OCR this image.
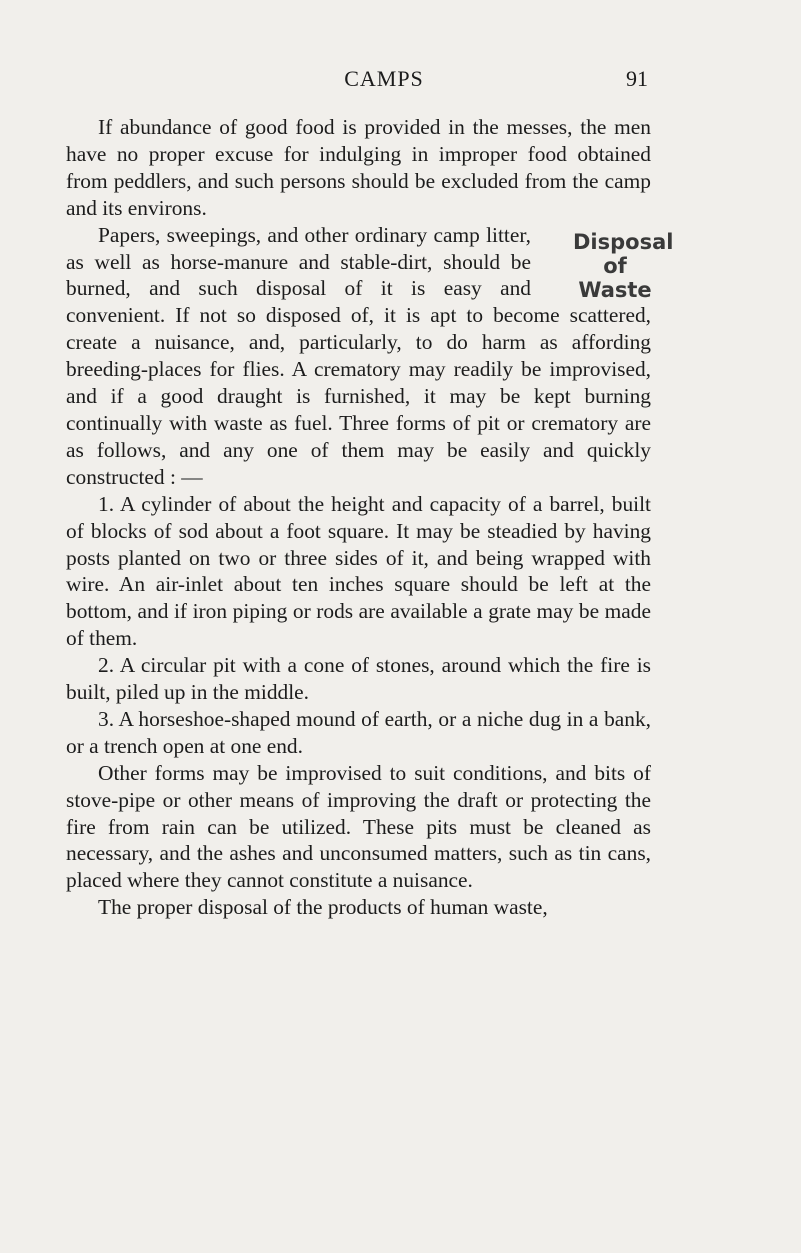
CAMPS	91

If abundance of good food is provided in the messes, the men have no proper excuse for indulging in improper food obtained from peddlers, and such persons should be excluded from the camp and its environs.

Disposal
of
Waste
Papers, sweepings, and other ordinary camp litter, as well as horse-manure and stable-dirt, should be burned, and such disposal of it is easy and convenient. If not so disposed of, it is apt to become scattered, create a nuisance, and, particularly, to do harm as affording breeding-places for flies. A crematory may readily be improvised, and if a good draught is furnished, it may be kept burning continually with waste as fuel. Three forms of pit or crematory are as follows, and any one of them may be easily and quickly constructed : —

1. A cylinder of about the height and capacity of a barrel, built of blocks of sod about a foot square. It may be steadied by having posts planted on two or three sides of it, and being wrapped with wire. An air-inlet about ten inches square should be left at the bottom, and if iron piping or rods are available a grate may be made of them.

2. A circular pit with a cone of stones, around which the fire is built, piled up in the middle.

3. A horseshoe-shaped mound of earth, or a niche dug in a bank, or a trench open at one end.

Other forms may be improvised to suit conditions, and bits of stove-pipe or other means of improving the draft or protecting the fire from rain can be utilized. These pits must be cleaned as necessary, and the ashes and unconsumed matters, such as tin cans, placed where they cannot constitute a nuisance.

The proper disposal of the products of human waste,
